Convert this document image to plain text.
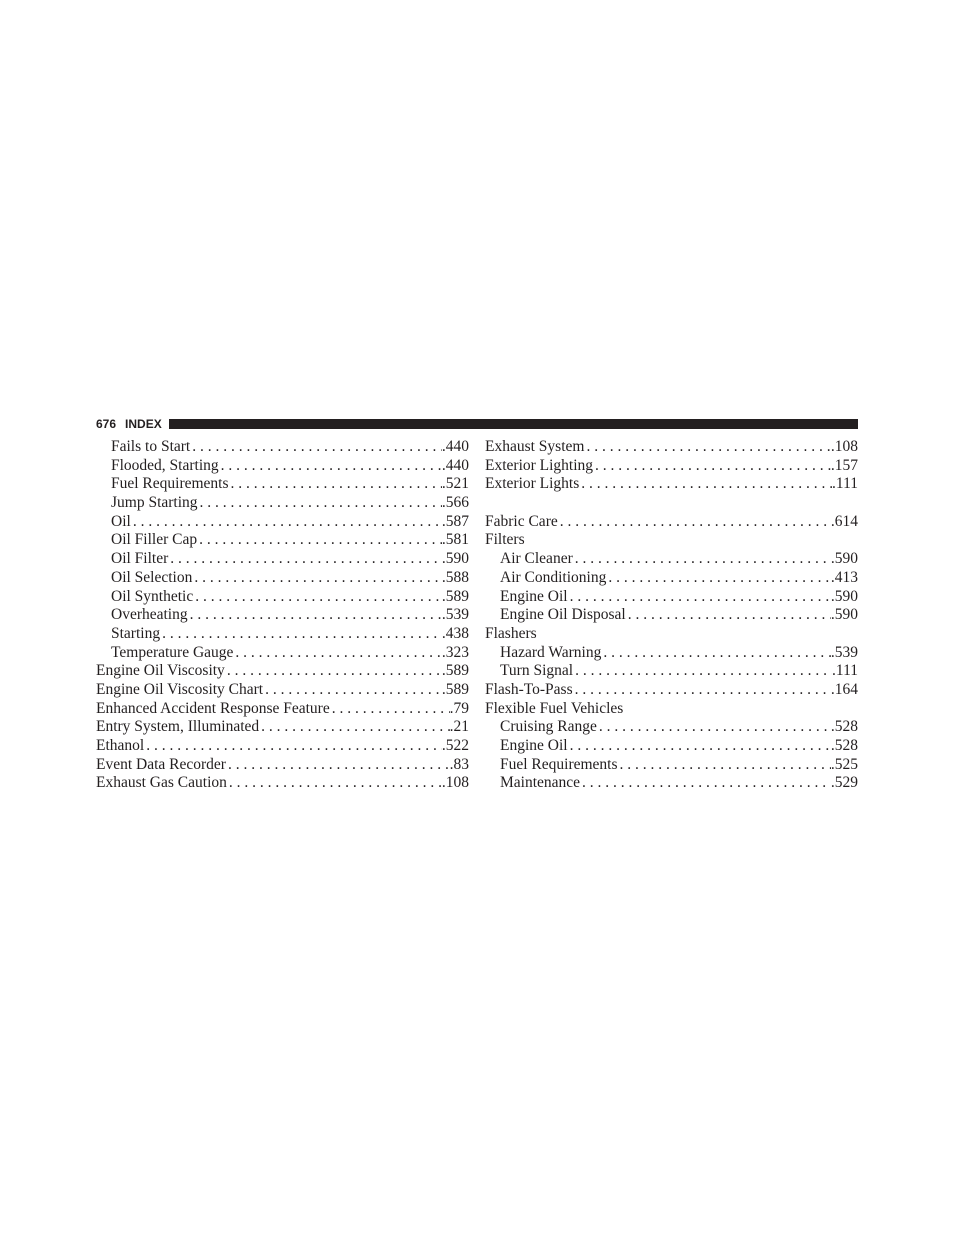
676 INDEX
Fails to Start . . .	. 440
Flooded, Starting . . .	. 440
Fuel Requirements . . .	. 521
Jump Starting . . .	. 566
Oil . . .	. 587
Oil Filler Cap . . .	. 581
Oil Filter . . .	. 590
Oil Selection . . .	. 588
Oil Synthetic . . .	. 589
Overheating . . .	. 539
Starting . . .	. 438
Temperature Gauge . . .	. 323
Engine Oil Viscosity . . .	. 589
Engine Oil Viscosity Chart . . .	. 589
Enhanced Accident Response Feature . . .	. 79
Entry System, Illuminated . . .	. 21
Ethanol . . .	. 522
Event Data Recorder . . .	. 83
Exhaust Gas Caution . . .	. 108
Exhaust System . . .	. 108
Exterior Lighting . . .	. 157
Exterior Lights . . .	. 111
Fabric Care . . .	. 614
Filters
Air Cleaner . . .	. 590
Air Conditioning . . .	. 413
Engine Oil . . .	. 590
Engine Oil Disposal . . .	. 590
Flashers
Hazard Warning . . .	. 539
Turn Signal . . .	. 111
Flash-To-Pass . . .	. 164
Flexible Fuel Vehicles
Cruising Range . . .	. 528
Engine Oil . . .	. 528
Fuel Requirements . . .	. 525
Maintenance . . .	. 529
